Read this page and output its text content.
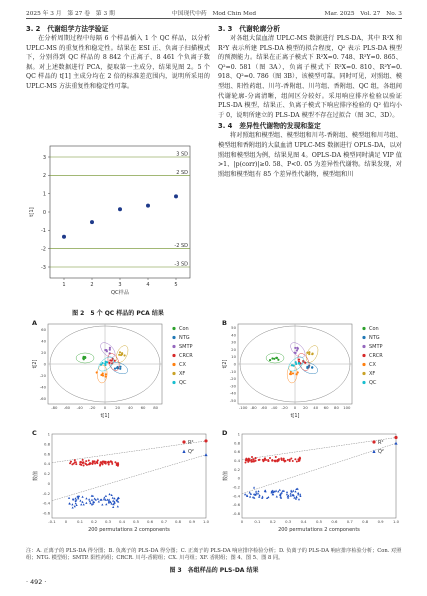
2025 年 3 月　第 27 卷　第 3 期	中国现代中药　Mod Chin Med	Mar. 2025　Vol. 27　No. 3
3. 2　代谢组学方法学验证

在分析周期过程中每隔 6 个样品插入 1 个 QC 样品，以分析 UPLC-MS 的重复性和稳定性。结果在 ESI 正、负离子扫描模式下，分别得到 QC 样品的 8 842 个正离子、8 461 个负离子数据。对上述数据进行 PCA，提取第一主成分，结果见图 2。5 个 QC 样品的 t[1] 主成分均在 2 倍的标准差范围内，说明所采用的 UPLC-MS 方法重复性和稳定性可靠。

3. 3　代谢轮廓分析

对各组大鼠血清 UPLC-MS 数据进行 PLS-DA，其中 R²X 和 R²Y 表示所建 PLS-DA 模型的拟合程度，Q² 表示 PLS-DA 模型的预测能力。结果在正离子模式下 R²X=0. 748、R²Y=0. 865、Q²=0. 581（图 3A），负离子模式下 R²X=0. 810、R²Y=0. 918、Q²=0. 786（图 3B），该模型可靠。同时可见，对照组、模型组、阳性药组、川芎-香附组、川芎组、香附组、QC 组，各组间代谢轮廓-分离清晰，组间区分较好。采用响应排序检验以验证 PLS-DA 模型，结果正、负离子模式下响应排序检验的 Q² 值均小于 0，说明所建立的 PLS-DA 模型不存在过拟合（图 3C、3D）。

3. 4　差异性代谢物的发现和鉴定

将对照组和模型组、模型组和川芎-香附组、模型组和川芎组、模型组和香附组的大鼠血清 UPLC-MS 数据进行 OPLS-DA，以对照组和模型组为例，结果见图 4。OPLS-DA 模型同时满足 VIP 值>1、|p(corr)|≥0. 58、P<0. 05 为差异性代谢物。结果发现，对照组和模型组有 85 个差异性代谢物，模型组和川

3 SD
2 SD
-2 SD
-3 SD
-3
-2
-1
0
1
2
3
1	2	3	4	5
QC样品
t[1]
图 2　5 个 QC 样品的 PCA 结果
A
-60
-40
-20
0
20
40
60
-80 -60 -40 -20 0 20 40 60 80
t[1]
t[2]
Con
NTG
SMTP
CRCR
CX
XF
QC
B
-50
-40
-30
-20
-10
0
10
20
30
40
50
-100 -80 -60 -40 -20 0 20 40 60 80 100
t[1]
t[2]
Con
NTG
SMTP
CRCR
CX
XF
QC
C
-0.6
-0.4
-0.2
0
0.2
0.4
0.6
0.8
1
-0.1 0	0.1 0.2 0.3 0.4 0.5 0.6 0.7 0.8 0.9 1.0
200 permutations 2 components
数值
R²
Q²
D
-0.8
-0.6
-0.4
-0.2
0
0.2
0.4
0.6
0.8
1
0	0.1 0.2 0.3 0.4 0.5 0.6 0.7 0.8 0.9 1.0
200 permutations 2 components
数值
R²
Q²
注：A. 正离子的 PLS-DA 得分图；B. 负离子的 PLS-DA 得分图；C. 正离子的 PLS-DA 响应排序检验分析；D. 负离子的 PLS-DA 响应排序检验分析；Con. 对照组；NTG. 模型组；SMTP. 阳性药组；CRCR. 川芎-香附组；CX. 川芎组；XF. 香附组；图 4、图 5、图 8 同。
图 3　各组样品的 PLS-DA 结果
· 492 ·
